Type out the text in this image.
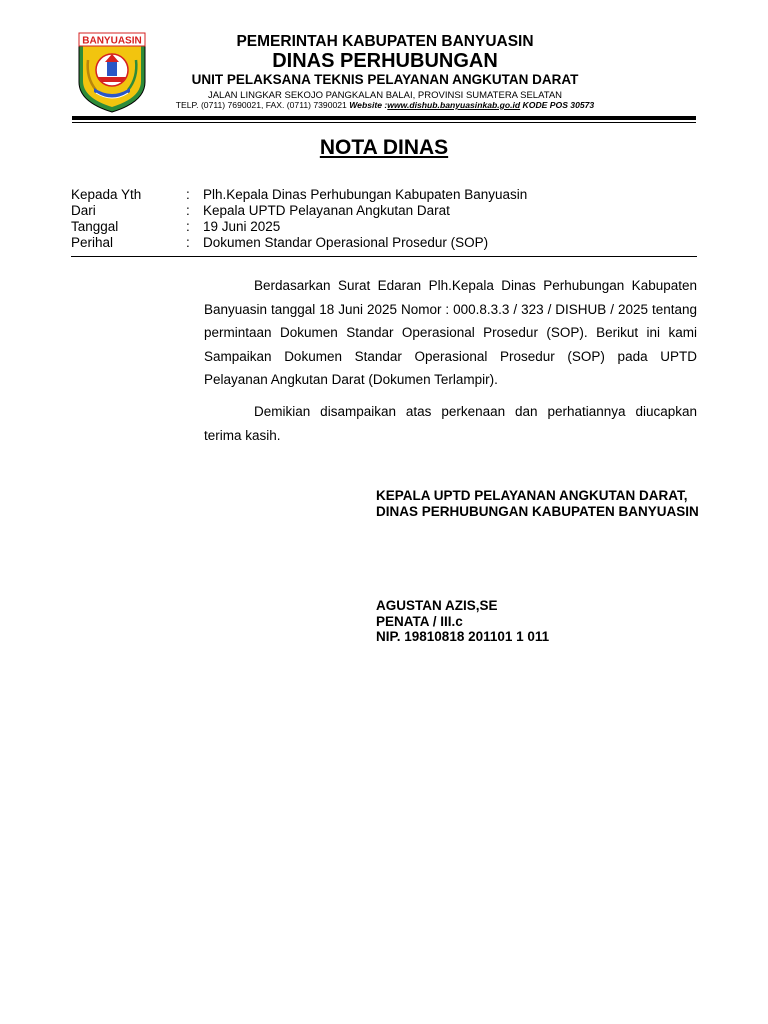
BANYUASIN	PEMERINTAH KABUPATEN BANYUASIN
DINAS PERHUBUNGAN
UNIT PELAKSANA TEKNIS PELAYANAN ANGKUTAN DARAT
JALAN LINGKAR SEKOJO PANGKALAN BALAI, PROVINSI SUMATERA SELATAN
TELP. (0711) 7690021, FAX. (0711) 7390021 Website :www.dishub.banyuasinkab.go.id KODE POS 30573
NOTA DINAS
Kepada Yth	: Plh.Kepala Dinas Perhubungan Kabupaten Banyuasin
Dari	: Kepala UPTD Pelayanan Angkutan Darat
Tanggal	: 19 Juni 2025
Perihal	: Dokumen Standar Operasional Prosedur (SOP)
Berdasarkan Surat Edaran Plh.Kepala Dinas Perhubungan Kabupaten Banyuasin tanggal 18 Juni 2025 Nomor : 000.8.3.3 / 323 / DISHUB / 2025 tentang permintaan Dokumen Standar Operasional Prosedur (SOP). Berikut ini kami Sampaikan Dokumen Standar Operasional Prosedur (SOP) pada UPTD Pelayanan Angkutan Darat (Dokumen Terlampir).
Demikian disampaikan atas perkenaan dan perhatiannya diucapkan terima kasih.
KEPALA UPTD PELAYANAN ANGKUTAN DARAT,
DINAS PERHUBUNGAN KABUPATEN BANYUASIN
AGUSTAN AZIS,SE
PENATA / III.c
NIP. 19810818 201101 1 011
